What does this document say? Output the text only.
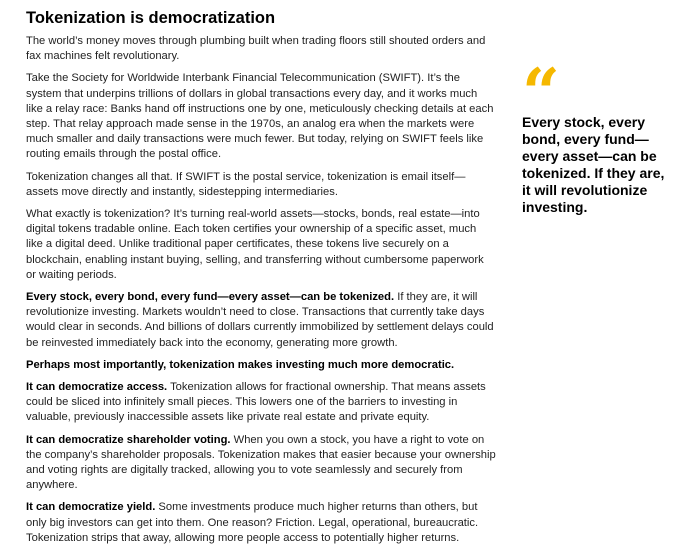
Tokenization is democratization

The world’s money moves through plumbing built when trading floors still shouted orders and fax machines felt revolutionary.

Take the Society for Worldwide Interbank Financial Telecommunication (SWIFT). It’s the system that underpins trillions of dollars in global transactions every day, and it works much like a relay race: Banks hand off instructions one by one, meticulously checking details at each step. That relay approach made sense in the 1970s, an analog era when the markets were much smaller and daily transactions were much fewer. But today, relying on SWIFT feels like routing emails through the postal office.

Tokenization changes all that. If SWIFT is the postal service, tokenization is email itself—assets move directly and instantly, sidestepping intermediaries.

What exactly is tokenization? It’s turning real-world assets—stocks, bonds, real estate—into digital tokens tradable online. Each token certifies your ownership of a specific asset, much like a digital deed. Unlike traditional paper certificates, these tokens live securely on a blockchain, enabling instant buying, selling, and transferring without cumbersome paperwork or waiting periods.

Every stock, every bond, every fund—every asset—can be tokenized. If they are, it will revolutionize investing. Markets wouldn’t need to close. Transactions that currently take days would clear in seconds. And billions of dollars currently immobilized by settlement delays could be reinvested immediately back into the economy, generating more growth.

Perhaps most importantly, tokenization makes investing much more democratic.

It can democratize access. Tokenization allows for fractional ownership. That means assets could be sliced into infinitely small pieces. This lowers one of the barriers to investing in valuable, previously inaccessible assets like private real estate and private equity.

It can democratize shareholder voting. When you own a stock, you have a right to vote on the company’s shareholder proposals. Tokenization makes that easier because your ownership and voting rights are digitally tracked, allowing you to vote seamlessly and securely from anywhere.

It can democratize yield. Some investments produce much higher returns than others, but only big investors can get into them. One reason? Friction. Legal, operational, bureaucratic. Tokenization strips that away, allowing more people access to potentially higher returns.

“
Every stock, every bond, every fund—every asset—can be tokenized. If they are, it will revolutionize investing.
